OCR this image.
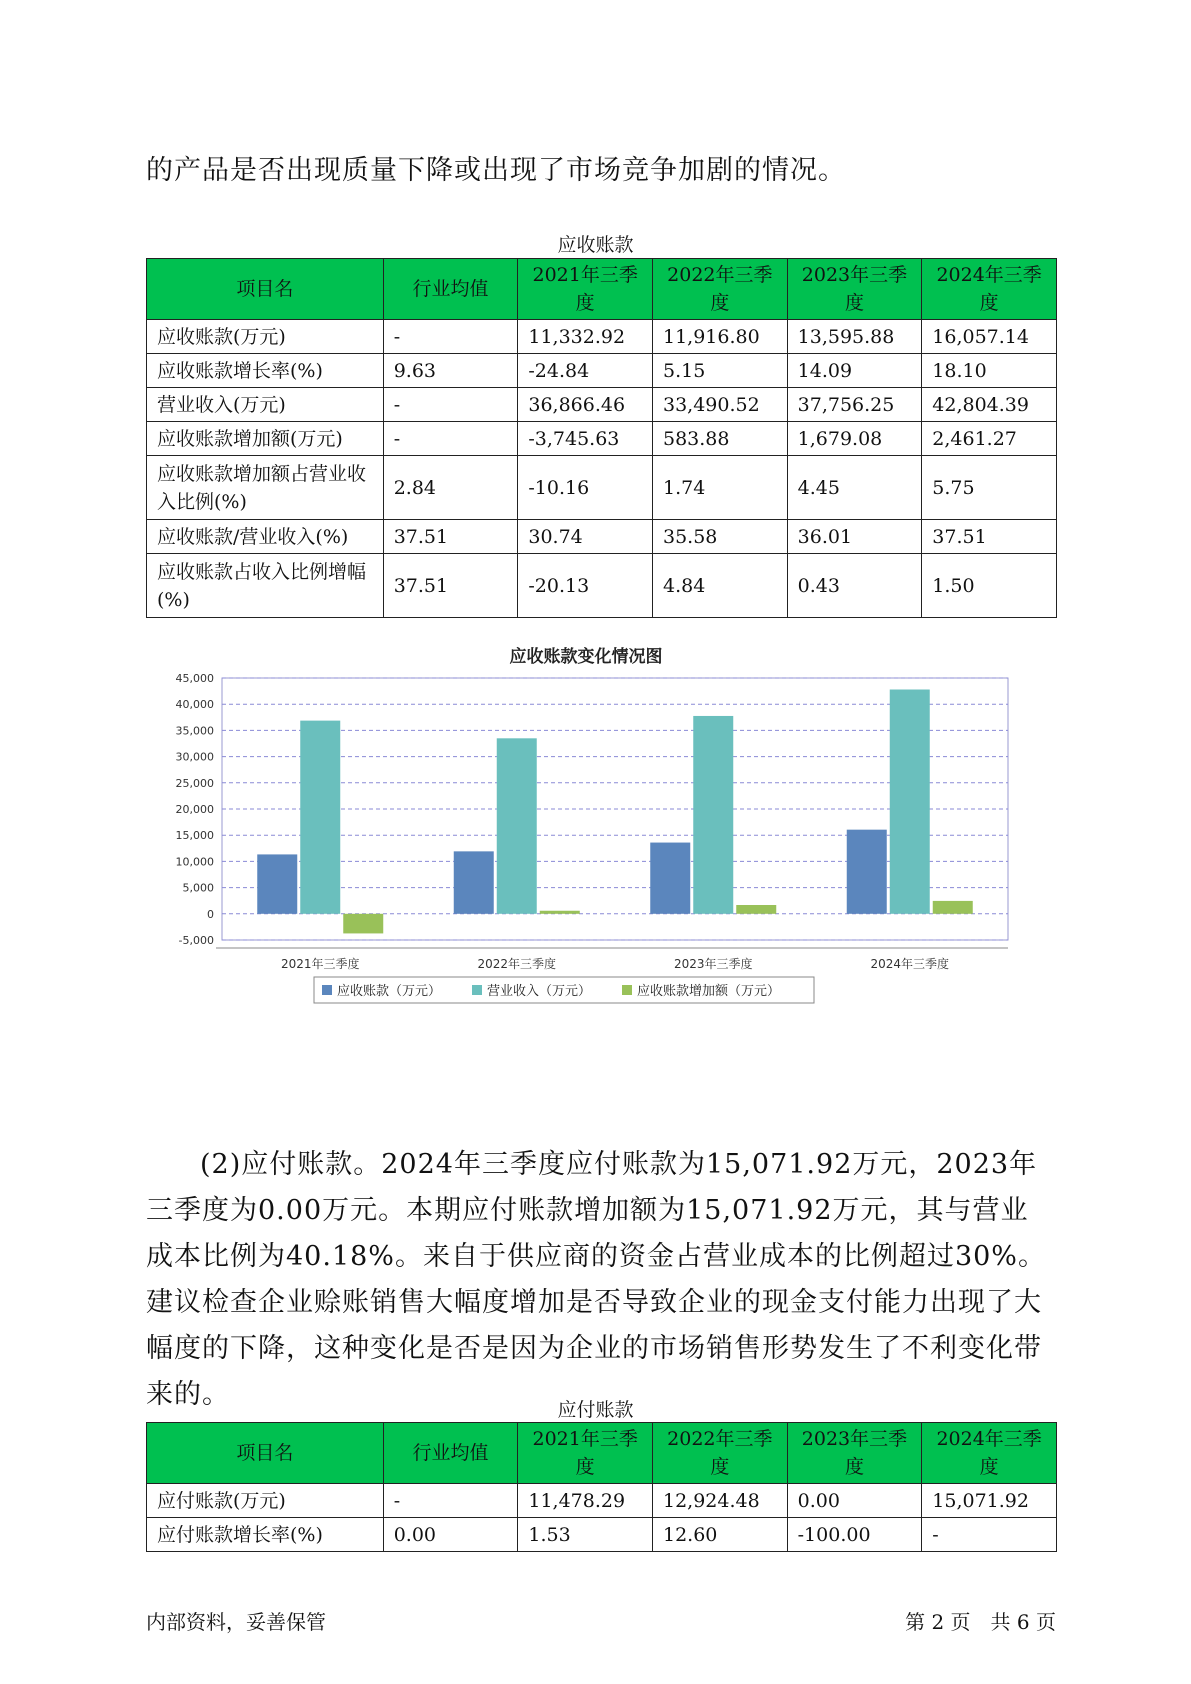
的产品是否出现质量下降或出现了市场竞争加剧的情况。

应收账款
项目名	行业均值	2021年三季度	2022年三季度	2023年三季度	2024年三季度
应收账款(万元)	-	11,332.92	11,916.80	13,595.88	16,057.14
应收账款增长率(%)	9.63	-24.84	5.15	14.09	18.10
营业收入(万元)	-	36,866.46	33,490.52	37,756.25	42,804.39
应收账款增加额(万元)	-	-3,745.63	583.88	1,679.08	2,461.27
应收账款增加额占营业收入比例(%)	2.84	-10.16	1.74	4.45	5.75
应收账款/营业收入(%)	37.51	30.74	35.58	36.01	37.51
应收账款占收入比例增幅(%)	37.51	-20.13	4.84	0.43	1.50
应收账款变化情况图
-5,000
0
5,000
10,000
15,000
20,000
25,000
30,000
35,000
40,000
45,000
2021年三季度	2022年三季度	2023年三季度	2024年三季度
应收账款（万元）	营业收入（万元）	应收账款增加额（万元）

(2)应付账款。2024年三季度应付账款为15,071.92万元，2023年三季度为0.00万元。本期应付账款增加额为15,071.92万元，其与营业成本比例为40.18%。来自于供应商的资金占营业成本的比例超过30%。建议检查企业赊账销售大幅度增加是否导致企业的现金支付能力出现了大幅度的下降，这种变化是否是因为企业的市场销售形势发生了不利变化带来的。	应付账款
项目名	行业均值	2021年三季度	2022年三季度	2023年三季度	2024年三季度
应付账款(万元)	-	11,478.29	12,924.48	0.00	15,071.92
应付账款增长率(%)	0.00	1.53	12.60	-100.00	-
内部资料，妥善保管	第 2 页　共 6 页
